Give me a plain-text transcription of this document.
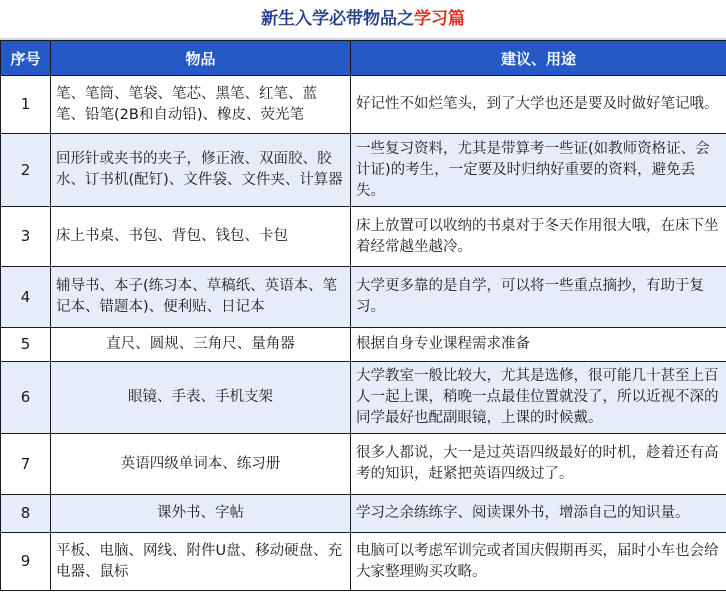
新生入学必带物品之学习篇
序号	物品	建议、用途
1	笔、笔筒、笔袋、笔芯、黑笔、红笔、蓝笔、铅笔(2B和自动铅)、橡皮、荧光笔	好记性不如烂笔头，到了大学也还是要及时做好笔记哦。
2	回形针或夹书的夹子，修正液、双面胶、胶水、订书机(配钉)、文件袋、文件夹、计算器	一些复习资料，尤其是带算考一些证(如教师资格证、会计证)的考生，一定要及时归纳好重要的资料，避免丢失。
3	床上书桌、书包、背包、钱包、卡包	床上放置可以收纳的书桌对于冬天作用很大哦，在床下坐着经常越坐越冷。
4	辅导书、本子(练习本、草稿纸、英语本、笔记本、错题本)、便利贴、日记本	大学更多靠的是自学，可以将一些重点摘抄，有助于复习。
5	直尺、圆规、三角尺、量角器	根据自身专业课程需求准备
6	眼镜、手表、手机支架	大学教室一般比较大，尤其是选修，很可能几十甚至上百人一起上课，稍晚一点最佳位置就没了，所以近视不深的同学最好也配副眼镜，上课的时候戴。
7	英语四级单词本、练习册	很多人都说，大一是过英语四级最好的时机，趁着还有高考的知识，赶紧把英语四级过了。
8	课外书、字帖	学习之余练练字、阅读课外书，增添自己的知识量。
9	平板、电脑、网线、附件U盘、移动硬盘、充电器、鼠标	电脑可以考虑军训完或者国庆假期再买，届时小车也会给大家整理购买攻略。
